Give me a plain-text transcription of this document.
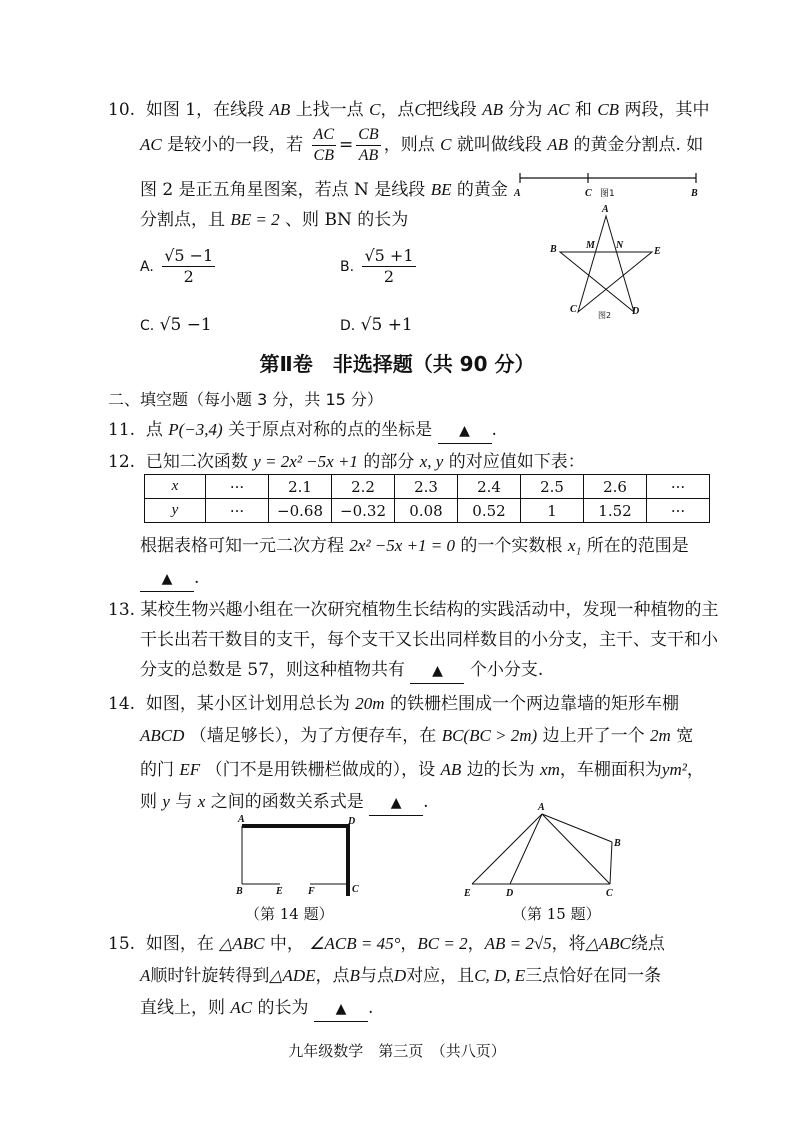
10. 如图 1，在线段 AB 上找一点 C，点C把线段 AB 分为 AC 和 CB 两段，其中
AC 是较小的一段，若 $\frac{AC}{CB} = \frac{CB}{AB}$ ，则点 C 就叫做线段 AB 的黄金分割点. 如
图 2 是正五角星图案，若点 N 是线段 BE 的黄金
分割点，且 BE = 2 、则 BN 的长为
A. $\frac{√5 -1}{2}$	B. $\frac{√5 +1}{2}$
C. √5 −1	D. √5 +1
A	C 图1	B
A
M N
B	E
C	D
图2
第Ⅱ卷　非选择题（共 90 分）
二、填空题（每小题 3 分，共 15 分）
11. 点 P(−3,4) 关于原点对称的点的坐标是 ▲ .
12. 已知二次函数 y = 2x² −5x +1 的部分 x, y 的对应值如下表：
x	···	2.1	2.2	2.3	2.4	2.5	2.6	···
y	···	−0.68	−0.32	0.08	0.52	1	1.52	···
根据表格可知一元二次方程 2x² −5x +1 = 0 的一个实数根 x₁ 所在的范围是
▲ .
13. 某校生物兴趣小组在一次研究植物生长结构的实践活动中，发现一种植物的主
干长出若干数目的支干，每个支干又长出同样数目的小分支，主干、支干和小
分支的总数是 57，则这种植物共有 ▲ 个小分支.
14. 如图，某小区计划用总长为 20m 的铁栅栏围成一个两边靠墙的矩形车棚
ABCD （墙足够长），为了方便存车，在 BC(BC > 2m) 边上开了一个 2m 宽
的门 EF （门不是用铁栅栏做成的），设 AB 边的长为 xm，车棚面积为ym²，
则 y 与 x 之间的函数关系式是 ▲ .
A	D
B	E	F	C
（第 14 题）
A
B
E	D	C
（第 15 题）
15. 如图，在 △ABC 中， ∠ACB = 45°，BC = 2，AB = 2√5，将△ABC绕点
A顺时针旋转得到△ADE，点B与点D对应，且C, D, E三点恰好在同一条
直线上，则 AC 的长为 ▲ .
九年级数学　第三页　（共八页）
